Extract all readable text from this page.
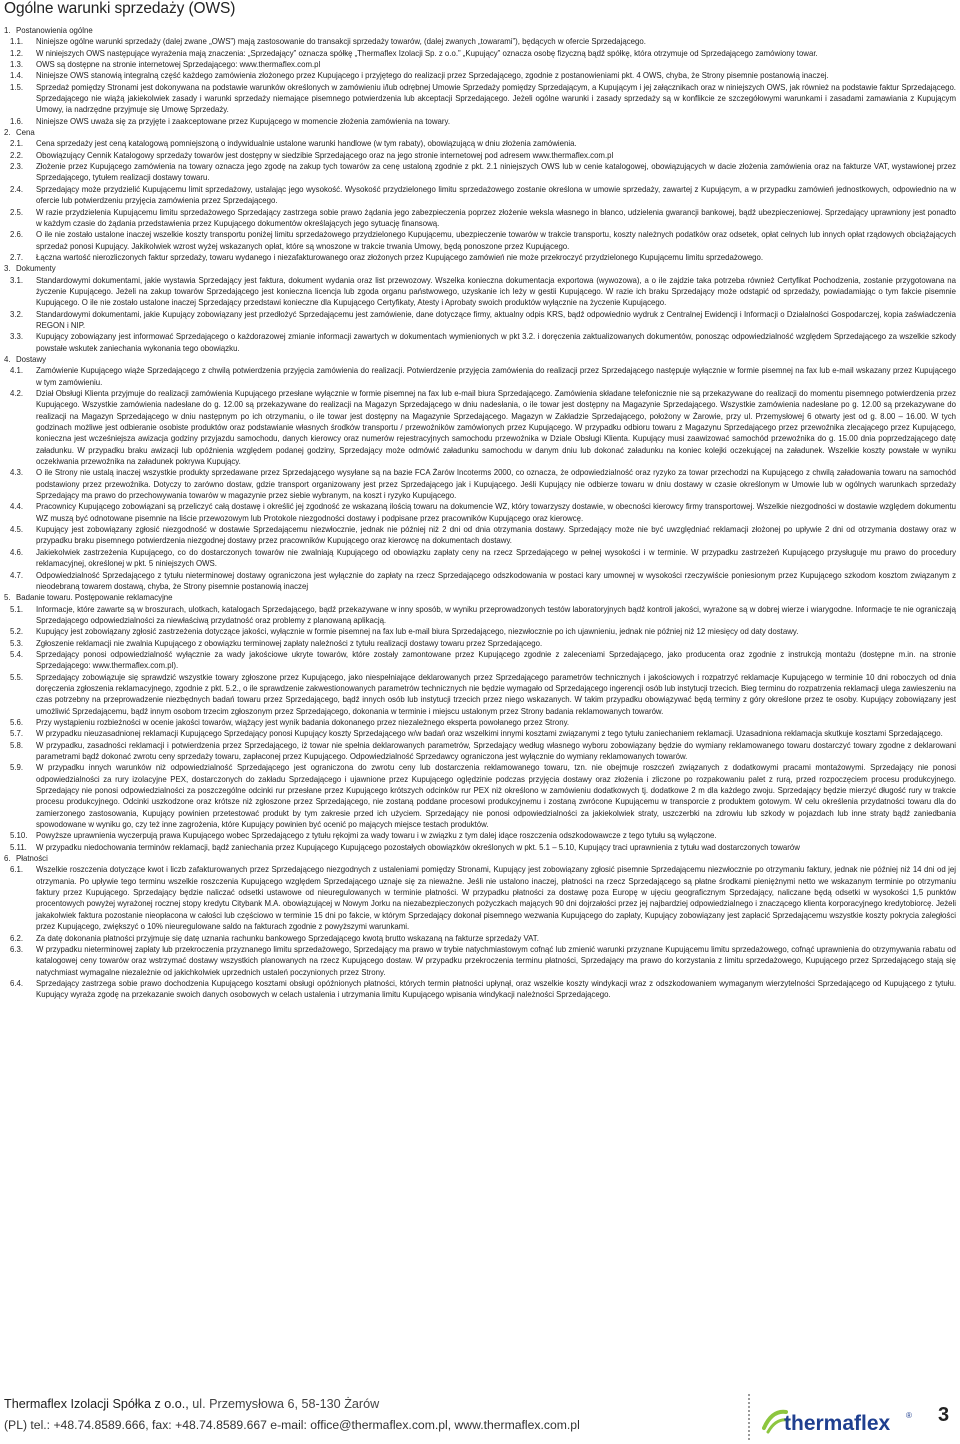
Ogólne warunki sprzedaży (OWS)
1. Postanowienia ogólne
1.1.	Niniejsze ogólne warunki sprzedaży (dalej zwane „OWS”) mają zastosowanie do transakcji sprzedaży towarów, (dalej zwanych „towarami”), będących w ofercie Sprzedającego.
1.2.	W niniejszych OWS następujące wyrażenia mają znaczenia: „Sprzedający” oznacza spółkę „Thermaflex Izolacji Sp. z o.o.” „Kupujący” oznacza osobę fizyczną bądź spółkę, która otrzymuje od Sprzedającego zamówiony towar.
1.3.	OWS są dostępne na stronie internetowej Sprzedającego: www.thermaflex.com.pl
1.4.	Niniejsze OWS stanowią integralną część każdego zamówienia złożonego przez Kupującego i przyjętego do realizacji przez Sprzedającego, zgodnie z postanowieniami pkt. 4 OWS, chyba, że Strony pisemnie postanowią inaczej.
1.5.	Sprzedaż pomiędzy Stronami jest dokonywana na podstawie warunków określonych w zamówieniu i/lub odrębnej Umowie Sprzedaży pomiędzy Sprzedającym, a Kupującym i jej załącznikach oraz w niniejszych OWS, jak również na podstawie faktur Sprzedającego. Sprzedającego nie wiążą jakiekolwiek zasady i warunki sprzedaży niemające pisemnego potwierdzenia lub akceptacji Sprzedającego. Jeżeli ogólne warunki i zasady sprzedaży są w konflikcie ze szczegółowymi warunkami i zasadami zamawiania z Kupującym Umowy, ia nadrzędne przyjmuje się Umowę Sprzedaży.
1.6.	Niniejsze OWS uważa się za przyjęte i zaakceptowane przez Kupującego w momencie złożenia zamówienia na towary.
2. Cena
2.1.	Cena sprzedaży jest ceną katalogową pomniejszoną o indywidualnie ustalone warunki handlowe (w tym rabaty), obowiązującą w dniu złożenia zamówienia.
2.2.	Obowiązujący Cennik Katalogowy sprzedaży towarów jest dostępny w siedzibie Sprzedającego oraz na jego stronie internetowej pod adresem www.thermaflex.com.pl
2.3.	Złożenie przez Kupującego zamówienia na towary oznacza jego zgodę na zakup tych towarów za cenę ustaloną zgodnie z pkt. 2.1 niniejszych OWS lub w cenie katalogowej, obowiązujących w dacie złożenia zamówienia oraz na fakturze VAT, wystawionej przez Sprzedającego, tytułem realizacji dostawy towaru.
2.4.	Sprzedający może przydzielić Kupującemu limit sprzedażowy, ustalając jego wysokość. Wysokość przydzielonego limitu sprzedażowego zostanie określona w umowie sprzedaży, zawartej z Kupującym, a w przypadku zamówień jednostkowych, odpowiednio na w ofercie lub potwierdzeniu przyjęcia zamówienia przez Sprzedającego.
2.5.	W razie przydzielenia Kupującemu limitu sprzedażowego Sprzedający zastrzega sobie prawo żądania jego zabezpieczenia poprzez złożenie weksla własnego in blanco, udzielenia gwarancji bankowej, bądź ubezpieczeniowej. Sprzedający uprawniony jest ponadto w każdym czasie do żądania przedstawienia przez Kupującego dokumentów określających jego sytuację finansową.
2.6.	O ile nie zostało ustalone inaczej wszelkie koszty transportu poniżej limitu sprzedażowego przydzielonego Kupującemu, ubezpieczenie towarów w trakcie transportu, koszty należnych podatków oraz odsetek, opłat celnych lub innych opłat rządowych obciążających sprzedaż ponosi Kupujący. Jakikolwiek wzrost wyżej wskazanych opłat, które są wnoszone w trakcie trwania Umowy, będą ponoszone przez Kupującego.
2.7.	Łączna wartość nierozliczonych faktur sprzedaży, towaru wydanego i niezafakturowanego oraz złożonych przez Kupującego zamówień nie może przekroczyć przydzielonego Kupującemu limitu sprzedażowego.
3. Dokumenty
3.1.	Standardowymi dokumentami, jakie wystawia Sprzedający jest faktura, dokument wydania oraz list przewozowy. Wszelka konieczna dokumentacja exportowa (wywozowa), a o ile zajdzie taka potrzeba również Certyfikat Pochodzenia, zostanie przygotowana na życzenie Kupującego. Jeżeli na zakup towarów Sprzedającego jest konieczna licencja lub zgoda organu państwowego, uzyskanie ich leży w gestii Kupującego. W razie ich braku Sprzedający może odstąpić od sprzedaży, powiadamiając o tym fakcie pisemnie Kupującego. O ile nie zostało ustalone inaczej Sprzedający przedstawi konieczne dla Kupującego Certyfikaty, Atesty i Aprobaty swoich produktów wyłącznie na życzenie Kupującego.
3.2.	Standardowymi dokumentami, jakie Kupujący zobowiązany jest przedłożyć Sprzedającemu jest zamówienie, dane dotyczące firmy, aktualny odpis KRS, bądź odpowiednio wydruk z Centralnej Ewidencji i Informacji o Działalności Gospodarczej, kopia zaświadczenia REGON i NIP.
3.3.	Kupujący zobowiązany jest informować Sprzedającego o każdorazowej zmianie informacji zawartych w dokumentach wymienionych w pkt 3.2. i doręczenia zaktualizowanych dokumentów, ponosząc odpowiedzialność względem Sprzedającego za wszelkie szkody powstałe wskutek zaniechania wykonania tego obowiązku.
4. Dostawy
4.1.	Zamówienie Kupującego wiąże Sprzedającego z chwilą potwierdzenia przyjęcia zamówienia do realizacji. Potwierdzenie przyjęcia zamówienia do realizacji przez Sprzedającego następuje wyłącznie w formie pisemnej na fax lub e-mail wskazany przez Kupującego w tym zamówieniu.
4.2.	Dział Obsługi Klienta przyjmuje do realizacji zamówienia Kupującego przesłane wyłącznie w formie pisemnej na fax lub e-mail biura Sprzedającego. Zamówienia składane telefonicznie nie są przekazywane do realizacji do momentu pisemnego potwierdzenia przez Kupującego. Wszystkie zamówienia nadesłane do g. 12.00 są przekazywane do realizacji na Magazyn Sprzedającego w dniu nadesłania, o ile towar jest dostępny na Magazynie Sprzedającego. Wszystkie zamówienia nadesłane po g. 12.00 są przekazywane do realizacji na Magazyn Sprzedającego w dniu następnym po ich otrzymaniu, o ile towar jest dostępny na Magazynie Sprzedającego. Magazyn w Zakładzie Sprzedającego, położony w Żarowie, przy ul. Przemysłowej 6 otwarty jest od g. 8.00 – 16.00. W tych godzinach możliwe jest odbieranie osobiste produktów oraz podstawianie własnych środków transportu / przewoźników zamówionych przez Kupującego. W przypadku odbioru towaru z Magazynu Sprzedającego przez przewoźnika zlecającego przez Kupującego, konieczna jest wcześniejsza awizacja godziny przyjazdu samochodu, danych kierowcy oraz numerów rejestracyjnych samochodu przewoźnika w Dziale Obsługi Klienta. Kupujący musi zaawizować samochód przewoźnika do g. 15.00 dnia poprzedzającego datę załadunku. W przypadku braku awizacji lub opóźnienia względem podanej godziny, Sprzedający może odmówić załadunku samochodu w danym dniu lub dokonać załadunku na koniec kolejki oczekującej na załadunek. Wszelkie koszty powstałe w wyniku oczekiwania przewoźnika na załadunek pokrywa Kupujący.
4.3.	O ile Strony nie ustalą inaczej wszystkie produkty sprzedawane przez Sprzedającego wysyłane są na bazie FCA Żarów Incoterms 2000, co oznacza, że odpowiedzialność oraz ryzyko za towar przechodzi na Kupującego z chwilą załadowania towaru na samochód podstawiony przez przewoźnika. Dotyczy to zarówno dostaw, gdzie transport organizowany jest przez Sprzedającego jak i Kupującego. Jeśli Kupujący nie odbierze towaru w dniu dostawy w czasie określonym w Umowie lub w ogólnych warunkach sprzedaży Sprzedający ma prawo do przechowywania towarów w magazynie przez siebie wybranym, na koszt i ryzyko Kupującego.
4.4.	Pracownicy Kupującego zobowiązani są przeliczyć całą dostawę i określić jej zgodność ze wskazaną ilością towaru na dokumencie WZ, który towarzyszy dostawie, w obecności kierowcy firmy transportowej. Wszelkie niezgodności w dostawie względem dokumentu WZ muszą być odnotowane pisemnie na liście przewozowym lub Protokole niezgodności dostawy i podpisane przez pracowników Kupującego oraz kierowcę.
4.5.	Kupujący jest zobowiązany zgłosić niezgodność w dostawie Sprzedającemu niezwłocznie, jednak nie później niż 2 dni od dnia otrzymania dostawy. Sprzedający może nie być uwzględniać reklamacji złożonej po upływie 2 dni od otrzymania dostawy oraz w przypadku braku pisemnego potwierdzenia niezgodnej dostawy przez pracowników Kupującego oraz kierowcę na dokumentach dostawy.
4.6.	Jakiekolwiek zastrzeżenia Kupującego, co do dostarczonych towarów nie zwalniają Kupującego od obowiązku zapłaty ceny na rzecz Sprzedającego w pełnej wysokości i w terminie. W przypadku zastrzeżeń Kupującego przysługuje mu prawo do procedury reklamacyjnej, określonej w pkt. 5 niniejszych OWS.
4.7.	Odpowiedzialność Sprzedającego z tytułu nieterminowej dostawy ograniczona jest wyłącznie do zapłaty na rzecz Sprzedającego odszkodowania w postaci kary umownej w wysokości rzeczywiście poniesionym przez Kupującego szkodom kosztom związanym z nieodebraną towarem dostawą, chyba, że Strony pisemnie postanowią inaczej
5. Badanie towaru. Postępowanie reklamacyjne
5.1.	Informacje, które zawarte są w broszurach, ulotkach, katalogach Sprzedającego, bądź przekazywane w inny sposób, w wyniku przeprowadzonych testów laboratoryjnych bądź kontroli jakości, wyrażone są w dobrej wierze i wiarygodne. Informacje te nie ograniczają Sprzedającego odpowiedzialności za niewłaściwą przydatność oraz problemy z planowaną aplikacją.
5.2.	Kupujący jest zobowiązany zgłosić zastrzeżenia dotyczące jakości, wyłącznie w formie pisemnej na fax lub e-mail biura Sprzedającego, niezwłocznie po ich ujawnieniu, jednak nie później niż 12 miesięcy od daty dostawy.
5.3.	Zgłoszenie reklamacji nie zwalnia Kupującego z obowiązku terminowej zapłaty należności z tytułu realizacji dostawy towaru przez Sprzedającego.
5.4.	Sprzedający ponosi odpowiedzialność wyłącznie za wady jakościowe ukryte towarów, które zostały zamontowane przez Kupującego zgodnie z zaleceniami Sprzedającego, jako producenta oraz zgodnie z instrukcją montażu (dostępne m.in. na stronie Sprzedającego: www.thermaflex.com.pl).
5.5.	Sprzedający zobowiązuje się sprawdzić wszystkie towary zgłoszone przez Kupującego, jako niespełniające deklarowanych przez Sprzedającego parametrów technicznych i jakościowych i rozpatrzyć reklamacje Kupującego w terminie 10 dni roboczych od dnia doręczenia zgłoszenia reklamacyjnego, zgodnie z pkt. 5.2., o ile sprawdzenie zakwestionowanych parametrów technicznych nie będzie wymagało od Sprzedającego ingerencji osób lub instytucji trzecich. Bieg terminu do rozpatrzenia reklamacji ulega zawieszeniu na czas potrzebny na przeprowadzenie niezbędnych badań towaru przez Sprzedającego, bądź innych osób lub instytucji trzecich przez niego wskazanych. W takim przypadku obowiązywać będą terminy z góry określone przez te osoby. Kupujący zobowiązany jest umożliwić Sprzedającemu, bądź innym osobom trzecim zgłoszonym przez Sprzedającego, dokonania w terminie i miejscu ustalonym przez Strony badania reklamowanych towarów.
5.6.	Przy wystąpieniu rozbieżności w ocenie jakości towarów, wiążący jest wynik badania dokonanego przez niezależnego eksperta powołanego przez Strony.
5.7.	W przypadku nieuzasadnionej reklamacji Kupującego Sprzedający ponosi Kupujący koszty Sprzedającego w/w badań oraz wszelkimi innymi kosztami związanymi z tego tytułu zaniechaniem reklamacji. Uzasadniona reklamacja skutkuje kosztami Sprzedającego.
5.8.	W przypadku, zasadności reklamacji i potwierdzenia przez Sprzedającego, iż towar nie spełnia deklarowanych parametrów, Sprzedający według własnego wyboru zobowiązany będzie do wymiany reklamowanego towaru dostarczyć towary zgodne z deklarowani parametrami bądź dokonać zwrotu ceny sprzedaży towaru, zapłaconej przez Kupującego. Odpowiedzialność Sprzedawcy ograniczona jest wyłącznie do wymiany reklamowanych towarów.
5.9.	W przypadku innych warunków niż odpowiedzialność Sprzedającego jest ograniczona do zwrotu ceny lub dostarczenia reklamowanego towaru, tzn. nie obejmuje roszczeń związanych z dodatkowymi pracami montażowymi. Sprzedający nie ponosi odpowiedzialności za rury izolacyjne PEX, dostarczonych do zakładu Sprzedającego i ujawnione przez Kupującego oględzinie podczas przyjęcia dostawy oraz złożenia i zliczone po rozpakowaniu palet z rurą, przed rozpoczęciem procesu produkcyjnego. Sprzedający nie ponosi odpowiedzialności za poszczególne odcinki rur przesłane przez Kupującego krótszych odcinków rur PEX niż określono w zamówieniu dodatkowych tj. dodatkowe 2 m dla każdego zwoju. Sprzedający będzie mierzyć długość rury w trakcie procesu produkcyjnego. Odcinki uszkodzone oraz krótsze niż zgłoszone przez Sprzedającego, nie zostaną poddane procesowi produkcyjnemu i zostaną zwrócone Kupującemu w transporcie z produktem gotowym. W celu określenia przydatności towaru dla do zamierzonego zastosowania, Kupujący powinien przetestować produkt by tym zakresie przed ich użyciem. Sprzedający nie ponosi odpowiedzialności za jakiekolwiek straty, uszczerbki na zdrowiu lub szkody w pojazdach lub inne straty bądź zaniedbania spowodowane w wyniku go, czy też inne zagrożenia, które Kupujący powinien być ocenić po mających miejsce testach produktów.
5.10.	Powyższe uprawnienia wyczerpują prawa Kupującego wobec Sprzedającego z tytułu rękojmi za wady towaru i w związku z tym dalej idące roszczenia odszkodowawcze z tego tytułu są wyłączone.
5.11.	W przypadku niedochowania terminów reklamacji, bądź zaniechania przez Kupującego Kupującego pozostałych obowiązków określonych w pkt. 5.1 – 5.10, Kupujący traci uprawnienia z tytułu wad dostarczonych towarów
6. Płatności
6.1.	Wszelkie roszczenia dotyczące kwot i liczb zafakturowanych przez Sprzedającego niezgodnych z ustaleniami pomiędzy Stronami, Kupujący jest zobowiązany zgłosić pisemnie Sprzedającemu niezwłocznie po otrzymaniu faktury, jednak nie później niż 14 dni od jej otrzymania. Po upływie tego terminu wszelkie roszczenia Kupującego względem Sprzedającego uznaje się za nieważne. Jeśli nie ustalono inaczej, płatności na rzecz Sprzedającego są płatne środkami pieniężnymi netto we wskazanym terminie po otrzymaniu faktury przez Kupującego. Sprzedający będzie naliczać odsetki ustawowe od nieuregulowanych w terminie płatności. W przypadku płatności za dostawę poza Europę w ujęciu geograficznym Sprzedający, naliczane będą odsetki w wysokości 1,5 punktów procentowych powyżej wyrażonej rocznej stopy kredytu Citybank M.A. obowiązującej w Nowym Jorku na niezabezpieczonych pożyczkach mających 90 dni dojrzałości przez jej najbardziej odpowiedzialnego i znaczącego klienta korporacyjnego kredytobiorcę. Jeżeli jakakolwiek faktura pozostanie nieopłacona w całości lub częściowo w terminie 15 dni po fakcie, w którym Sprzedający dokonał pisemnego wezwania Kupującego do zapłaty, Kupujący zobowiązany jest zapłacić Sprzedającemu wszystkie koszty pokrycia zaległości przez Kupującego, zwiększyć o 10% nieuregulowane saldo na fakturach zgodnie z powyższymi warunkami.
6.2.	Za datę dokonania płatności przyjmuje się datę uznania rachunku bankowego Sprzedającego kwotą brutto wskazaną na fakturze sprzedaży VAT.
6.3.	W przypadku nieterminowej zapłaty lub przekroczenia przyznanego limitu sprzedażowego, Sprzedający ma prawo w trybie natychmiastowym cofnąć lub zmienić warunki przyznane Kupującemu limitu sprzedażowego, cofnąć uprawnienia do otrzymywania rabatu od katalogowej ceny towarów oraz wstrzymać dostawy wszystkich planowanych na rzecz Kupującego dostaw. W przypadku przekroczenia terminu płatności, Sprzedający ma prawo do korzystania z limitu sprzedażowego, Kupującego przez Sprzedającego stają się natychmiast wymagalne niezależnie od jakichkolwiek uprzednich ustaleń poczynionych przez Strony.
6.4.	Sprzedający zastrzega sobie prawo dochodzenia Kupującego kosztami obsługi opóźnionych płatności, których termin płatności upłynął, oraz wszelkie koszty windykacji wraz z odszkodowaniem wymaganym wierzytelności Sprzedającego od Kupującego z tytułu. Kupujący wyraża zgodę na przekazanie swoich danych osobowych w celach ustalenia i utrzymania limitu Kupującego wpisania windykacji należności Sprzedającego.
Thermaflex Izolacji Spółka z o.o., ul. Przemysłowa 6, 58-130 Żarów
(PL) tel.: +48.74.8589.666, fax: +48.74.8589.667 e-mail: office@thermaflex.com.pl, www.thermaflex.com.pl	thermaflex ® 3
